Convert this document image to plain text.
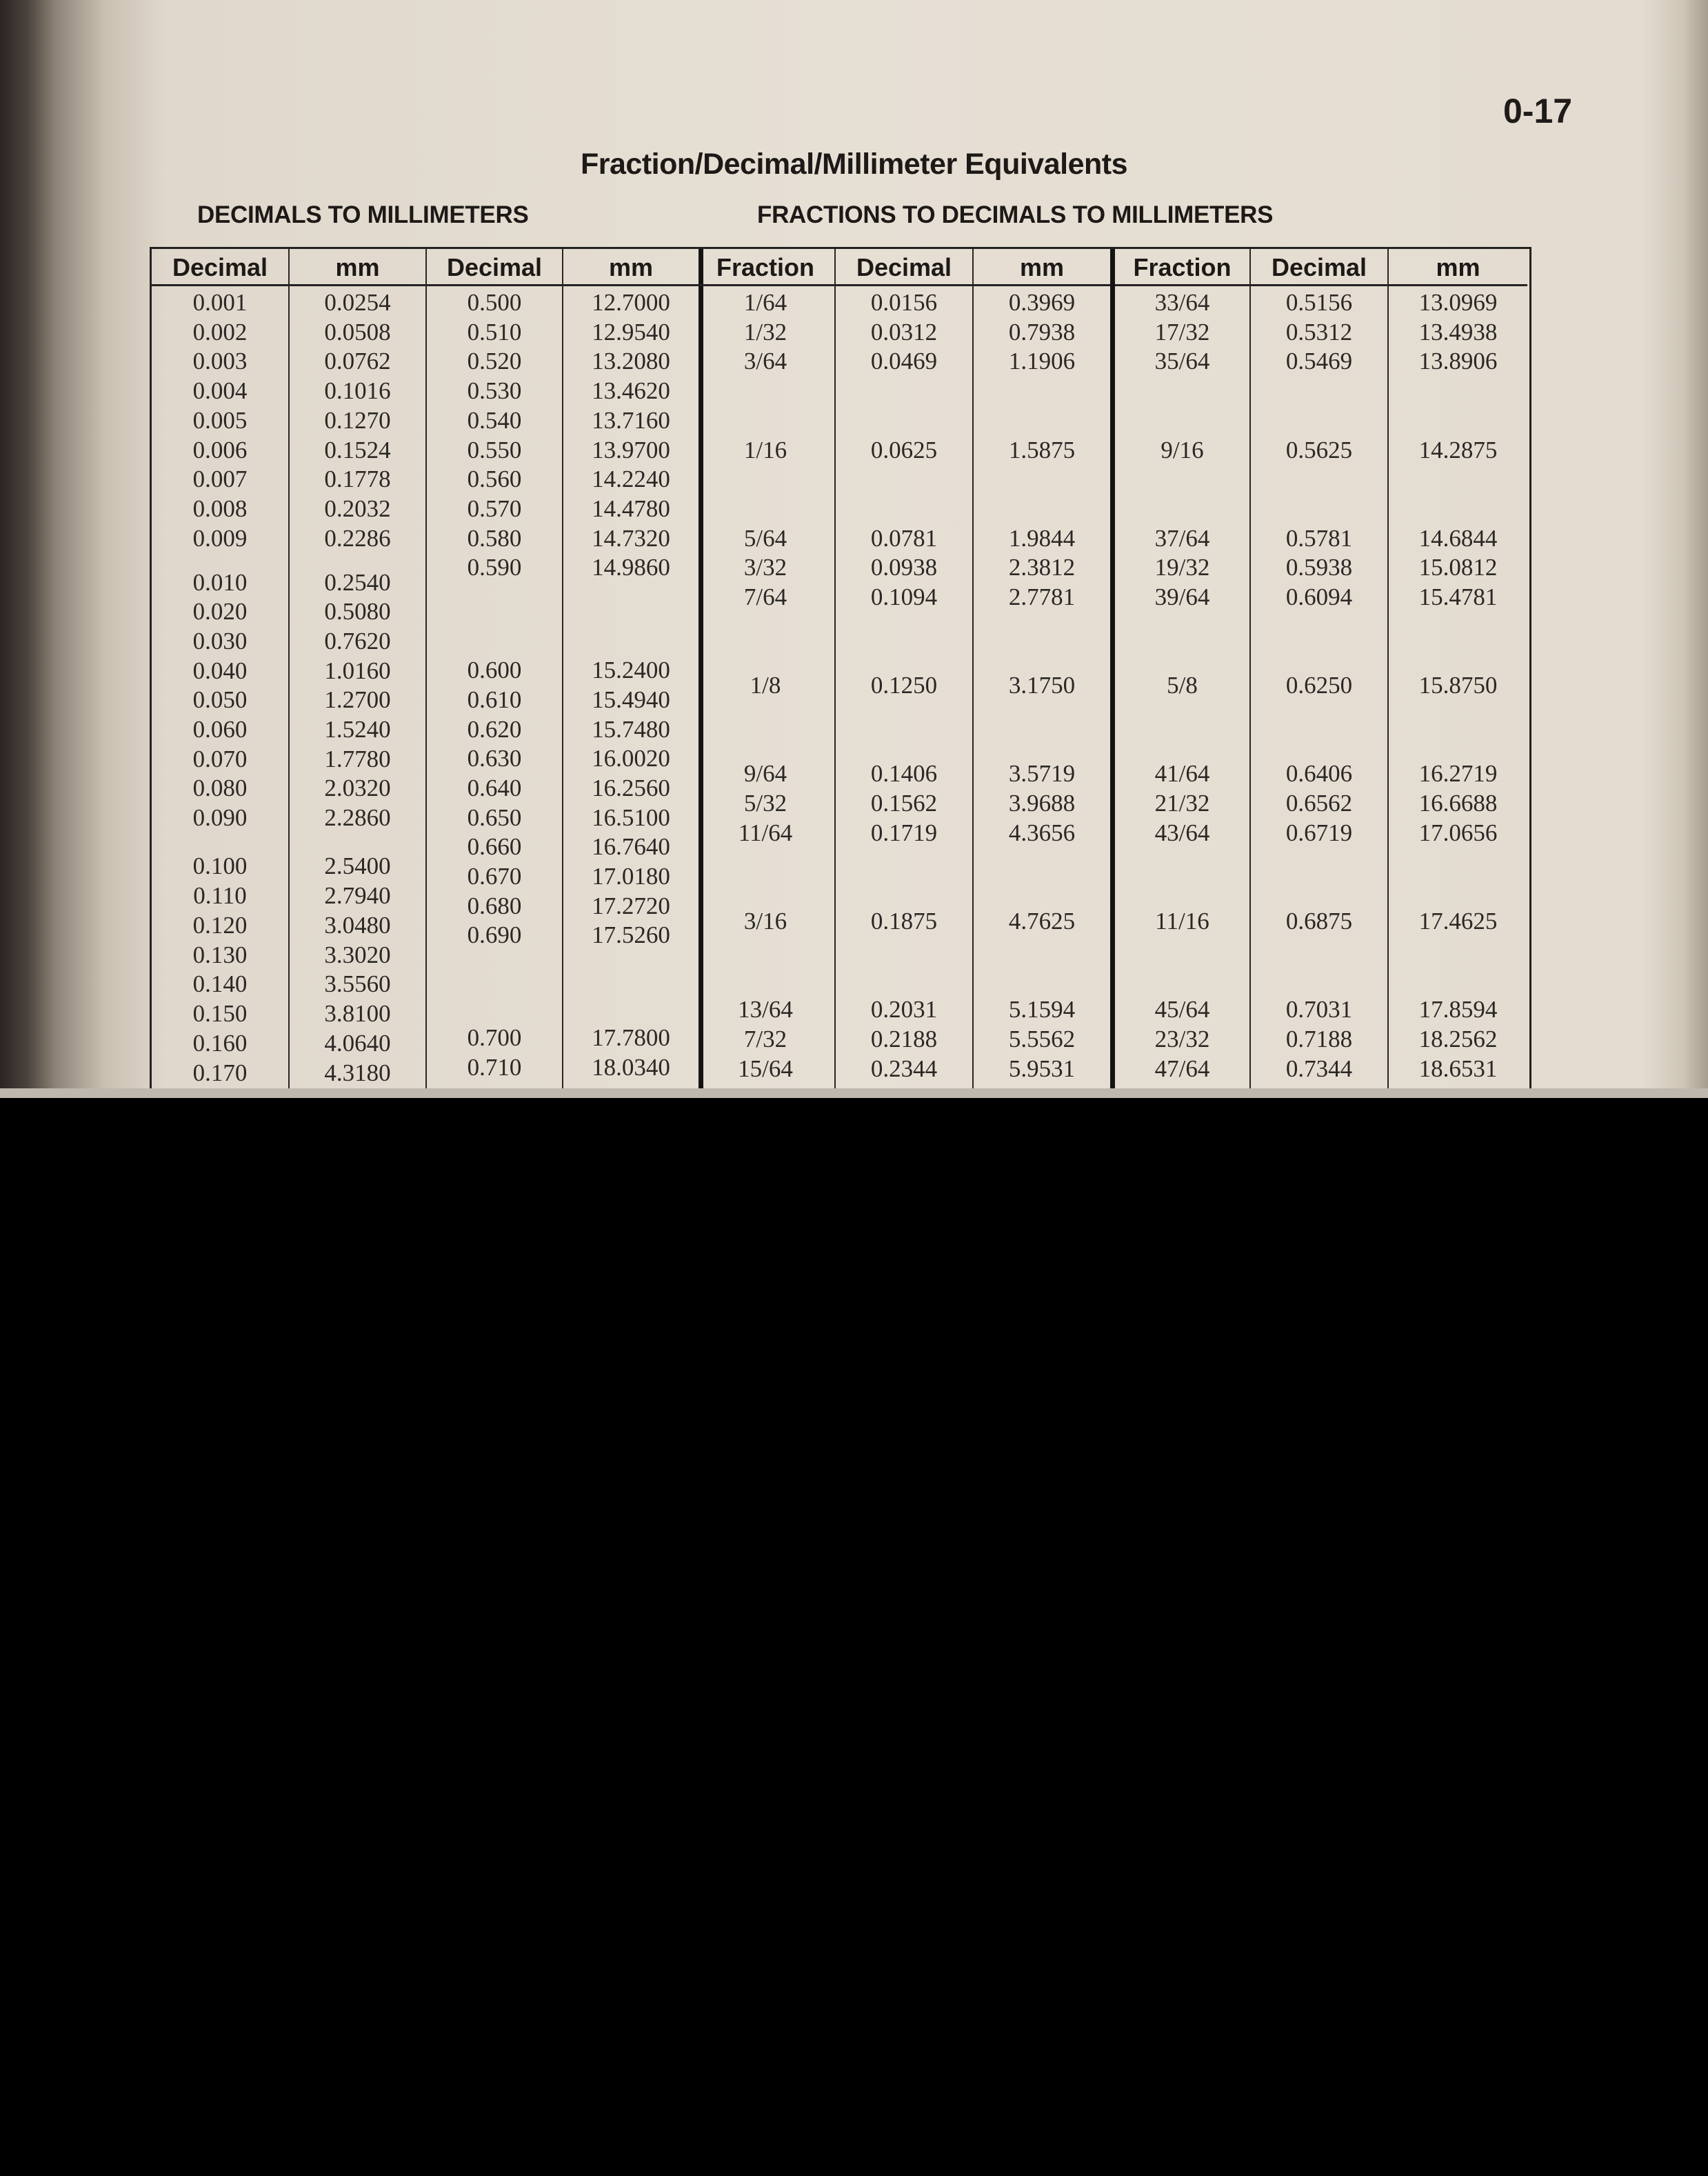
0-17
Fraction/Decimal/Millimeter Equivalents
DECIMALS TO MILLIMETERS	FRACTIONS TO DECIMALS TO MILLIMETERS
Decimal
0.001
0.002
0.003
0.004
0.005
0.006
0.007
0.008
0.009
0.010
0.020
0.030
0.040
0.050
0.060
0.070
0.080
0.090
0.100
0.110
0.120
0.130
0.140
0.150
0.160
0.170
mm
0.0254
0.0508
0.0762
0.1016
0.1270
0.1524
0.1778
0.2032
0.2286
0.2540
0.5080
0.7620
1.0160
1.2700
1.5240
1.7780
2.0320
2.2860
2.5400
2.7940
3.0480
3.3020
3.5560
3.8100
4.0640
4.3180
Decimal
0.500
0.510
0.520
0.530
0.540
0.550
0.560
0.570
0.580
0.590
0.600
0.610
0.620
0.630
0.640
0.650
0.660
0.670
0.680
0.690
0.700
0.710
mm
12.7000
12.9540
13.2080
13.4620
13.7160
13.9700
14.2240
14.4780
14.7320
14.9860
15.2400
15.4940
15.7480
16.0020
16.2560
16.5100
16.7640
17.0180
17.2720
17.5260
17.7800
18.0340
Fraction
1/64
1/32
3/64
1/16
5/64
3/32
7/64
1/8
9/64
5/32
11/64
3/16
13/64
7/32
15/64
Decimal
0.0156
0.0312
0.0469
0.0625
0.0781
0.0938
0.1094
0.1250
0.1406
0.1562
0.1719
0.1875
0.2031
0.2188
0.2344
mm
0.3969
0.7938
1.1906
1.5875
1.9844
2.3812
2.7781
3.1750
3.5719
3.9688
4.3656
4.7625
5.1594
5.5562
5.9531
Fraction
33/64
17/32
35/64
9/16
37/64
19/32
39/64
5/8
41/64
21/32
43/64
11/16
45/64
23/32
47/64
Decimal
0.5156
0.5312
0.5469
0.5625
0.5781
0.5938
0.6094
0.6250
0.6406
0.6562
0.6719
0.6875
0.7031
0.7188
0.7344
mm
13.0969
13.4938
13.8906
14.2875
14.6844
15.0812
15.4781
15.8750
16.2719
16.6688
17.0656
17.4625
17.8594
18.2562
18.6531
